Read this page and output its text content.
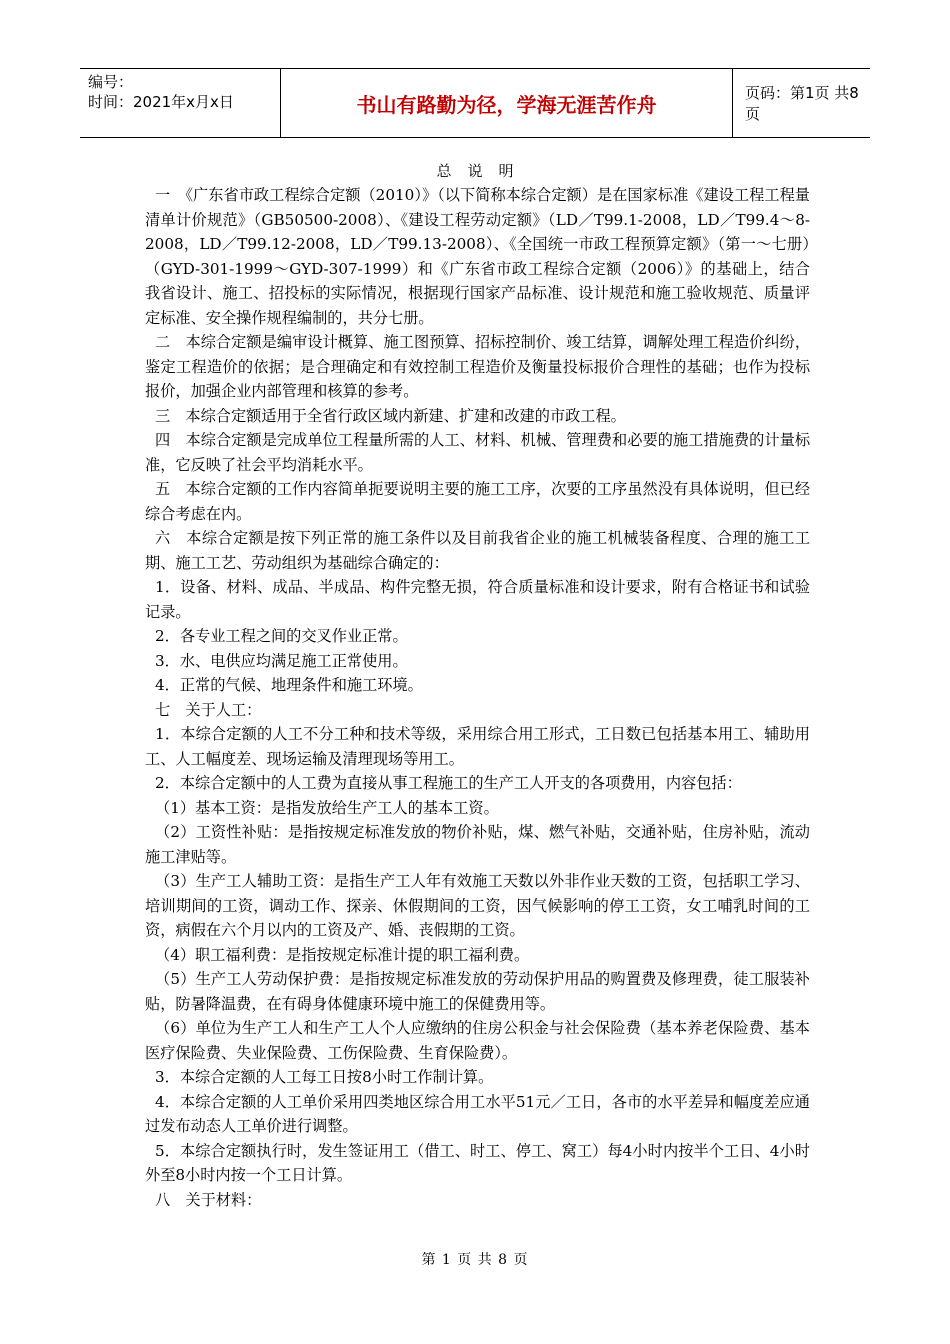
编号：
时间：2021年x月x日	书山有路勤为径，学海无涯苦作舟	页码：第1页 共8页
总说明

一　《广东省市政工程综合定额（2010）》（以下简称本综合定额）是在国家标准《建设工程工程量清单计价规范》（GB50500-2008）、《建设工程劳动定额》（LD／T99.1-2008，LD／T99.4～8-2008，LD／T99.12-2008，LD／T99.13-2008）、《全国统一市政工程预算定额》（第一～七册）（GYD-301-1999～GYD-307-1999）和《广东省市政工程综合定额（2006）》的基础上，结合我省设计、施工、招投标的实际情况，根据现行国家产品标准、设计规范和施工验收规范、质量评定标准、安全操作规程编制的，共分七册。

二　本综合定额是编审设计概算、施工图预算、招标控制价、竣工结算，调解处理工程造价纠纷，鉴定工程造价的依据；是合理确定和有效控制工程造价及衡量投标报价合理性的基础；也作为投标报价，加强企业内部管理和核算的参考。

三　本综合定额适用于全省行政区域内新建、扩建和改建的市政工程。

四　本综合定额是完成单位工程量所需的人工、材料、机械、管理费和必要的施工措施费的计量标准，它反映了社会平均消耗水平。

五　本综合定额的工作内容简单扼要说明主要的施工工序，次要的工序虽然没有具体说明，但已经综合考虑在内。

六　本综合定额是按下列正常的施工条件以及目前我省企业的施工机械装备程度、合理的施工工期、施工工艺、劳动组织为基础综合确定的：

1．设备、材料、成品、半成品、构件完整无损，符合质量标准和设计要求，附有合格证书和试验记录。

2．各专业工程之间的交叉作业正常。

3．水、电供应均满足施工正常使用。

4．正常的气候、地理条件和施工环境。

七　关于人工：

1．本综合定额的人工不分工种和技术等级，采用综合用工形式，工日数已包括基本用工、辅助用工、人工幅度差、现场运输及清理现场等用工。

2．本综合定额中的人工费为直接从事工程施工的生产工人开支的各项费用，内容包括：

（1）基本工资：是指发放给生产工人的基本工资。

（2）工资性补贴：是指按规定标准发放的物价补贴，煤、燃气补贴，交通补贴，住房补贴，流动施工津贴等。

（3）生产工人辅助工资：是指生产工人年有效施工天数以外非作业天数的工资，包括职工学习、培训期间的工资，调动工作、探亲、休假期间的工资，因气候影响的停工工资，女工哺乳时间的工资，病假在六个月以内的工资及产、婚、丧假期的工资。

（4）职工福利费：是指按规定标准计提的职工福利费。

（5）生产工人劳动保护费：是指按规定标准发放的劳动保护用品的购置费及修理费，徒工服装补贴，防暑降温费，在有碍身体健康环境中施工的保健费用等。

（6）单位为生产工人和生产工人个人应缴纳的住房公积金与社会保险费（基本养老保险费、基本医疗保险费、失业保险费、工伤保险费、生育保险费）。

3．本综合定额的人工每工日按8小时工作制计算。

4．本综合定额的人工单价采用四类地区综合用工水平51元／工日，各市的水平差异和幅度差应通过发布动态人工单价进行调整。

5．本综合定额执行时，发生签证用工（借工、时工、停工、窝工）每4小时内按半个工日、4小时外至8小时内按一个工日计算。

八　关于材料：

第 1 页 共 8 页
